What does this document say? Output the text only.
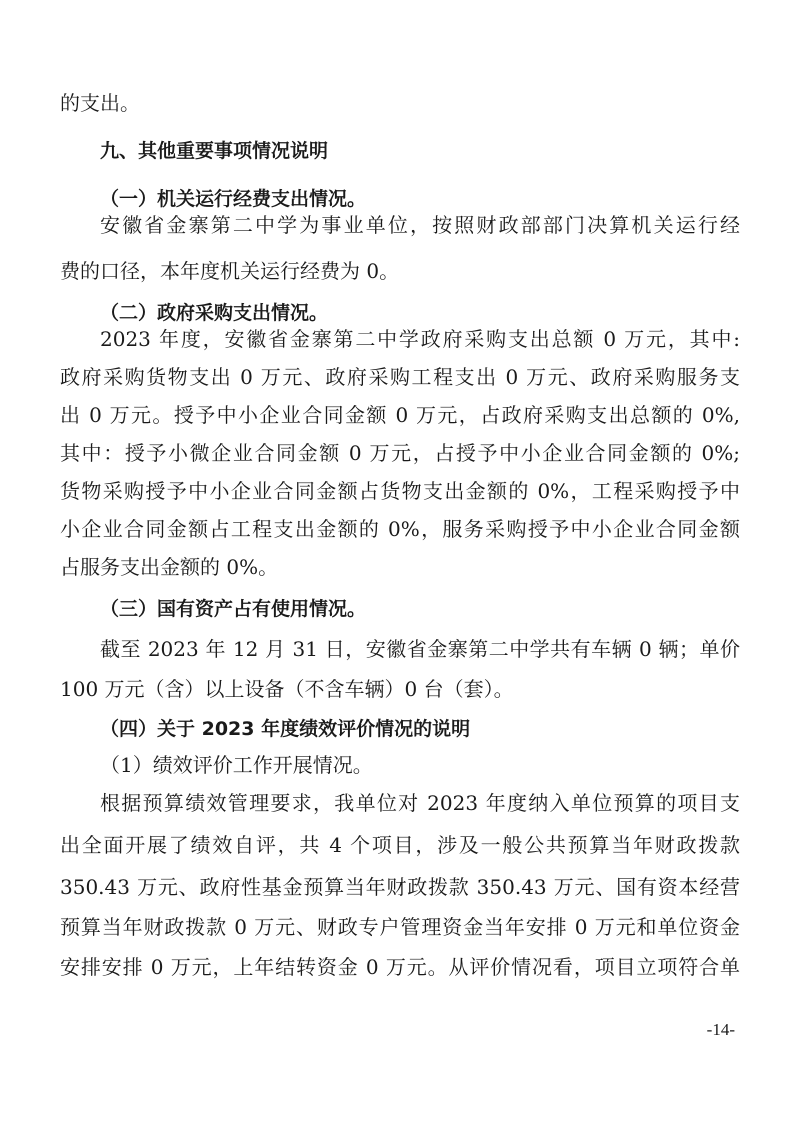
的支出。
九、其他重要事项情况说明
（一）机关运行经费支出情况。
安徽省金寨第二中学为事业单位，按照财政部部门决算机关运行经
费的口径，本年度机关运行经费为 0。
（二）政府采购支出情况。
2023 年度，安徽省金寨第二中学政府采购支出总额 0 万元，其中:
政府采购货物支出 0 万元、政府采购工程支出 0 万元、政府采购服务支
出 0 万元。授予中小企业合同金额 0 万元，占政府采购支出总额的 0%,
其中：授予小微企业合同金额 0 万元，占授予中小企业合同金额的 0%;
货物采购授予中小企业合同金额占货物支出金额的 0%，工程采购授予中
小企业合同金额占工程支出金额的 0%，服务采购授予中小企业合同金额
占服务支出金额的 0%。
（三）国有资产占有使用情况。
截至 2023 年 12 月 31 日，安徽省金寨第二中学共有车辆 0 辆；单价
100 万元（含）以上设备（不含车辆）0 台（套）。
（四）关于 2023 年度绩效评价情况的说明
（1）绩效评价工作开展情况。
根据预算绩效管理要求，我单位对 2023 年度纳入单位预算的项目支
出全面开展了绩效自评，共 4 个项目，涉及一般公共预算当年财政拨款
350.43 万元、政府性基金预算当年财政拨款 350.43 万元、国有资本经营
预算当年财政拨款 0 万元、财政专户管理资金当年安排 0 万元和单位资金
安排安排 0 万元，上年结转资金 0 万元。从评价情况看，项目立项符合单
-14-
